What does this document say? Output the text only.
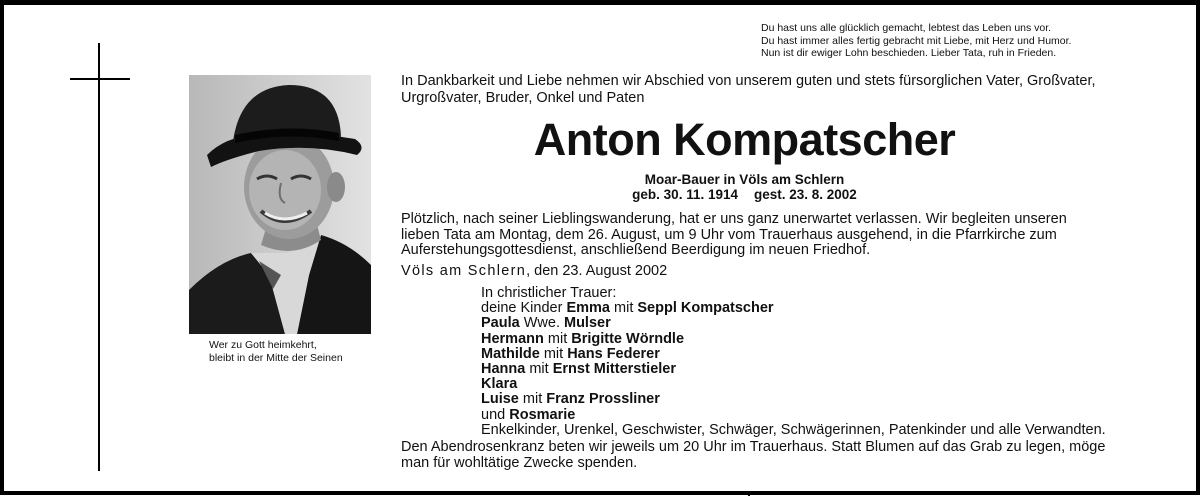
Wer zu Gott heimkehrt,
bleibt in der Mitte der Seinen
Du hast uns alle glücklich gemacht, lebtest das Leben uns vor.
Du hast immer alles fertig gebracht mit Liebe, mit Herz und Humor.
Nun ist dir ewiger Lohn beschieden. Lieber Tata, ruh in Frieden.
In Dankbarkeit und Liebe nehmen wir Abschied von unserem guten und stets fürsorglichen Vater, Großvater,
Urgroßvater, Bruder, Onkel und Paten
Anton Kompatscher
Moar-Bauer in Völs am Schlern
geb. 30. 11. 1914 gest. 23. 8. 2002
Plötzlich, nach seiner Lieblingswanderung, hat er uns ganz unerwartet verlassen. Wir begleiten unseren
lieben Tata am Montag, dem 26. August, um 9 Uhr vom Trauerhaus ausgehend, in die Pfarrkirche zum
Auferstehungsgottesdienst, anschließend Beerdigung im neuen Friedhof.
Völs am Schlern, den 23. August 2002
In christlicher Trauer:
deine Kinder Emma mit Seppl Kompatscher
Paula Wwe. Mulser
Hermann mit Brigitte Wörndle
Mathilde mit Hans Federer
Hanna mit Ernst Mitterstieler
Klara
Luise mit Franz Prossliner
und Rosmarie
Enkelkinder, Urenkel, Geschwister, Schwäger, Schwägerinnen, Patenkinder und alle Verwandten.
Den Abendrosenkranz beten wir jeweils um 20 Uhr im Trauerhaus. Statt Blumen auf das Grab zu legen, möge
man für wohltätige Zwecke spenden.
